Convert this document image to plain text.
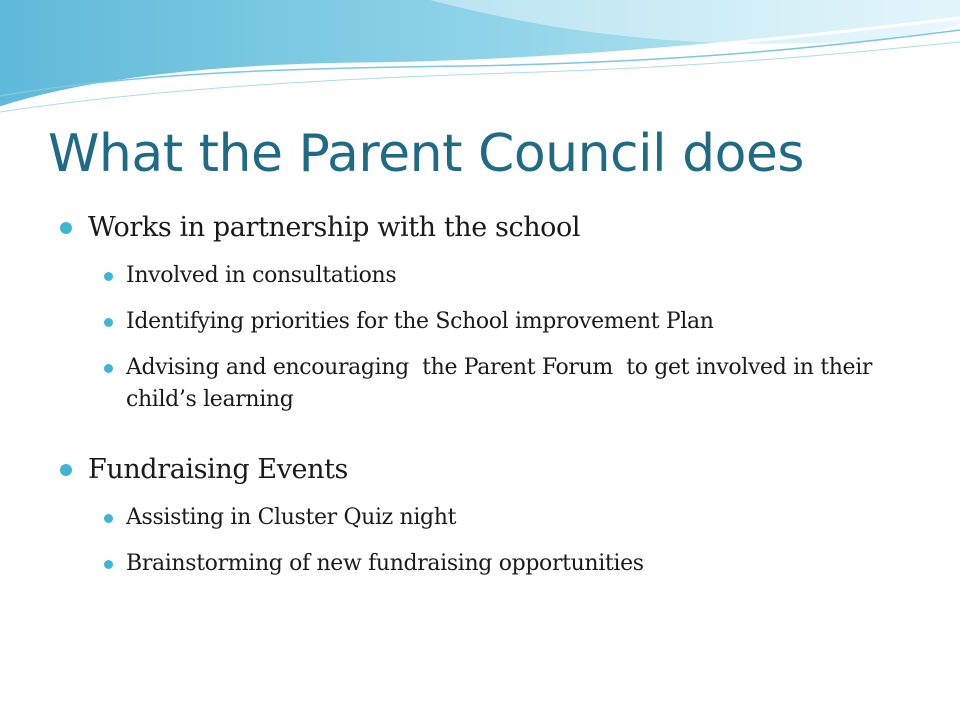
What the Parent Council does
Works in partnership with the school
Involved in consultations
Identifying priorities for the School improvement Plan
Advising and encouraging  the Parent Forum  to get involved in their child’s learning
Fundraising Events
Assisting in Cluster Quiz night
Brainstorming of new fundraising opportunities
